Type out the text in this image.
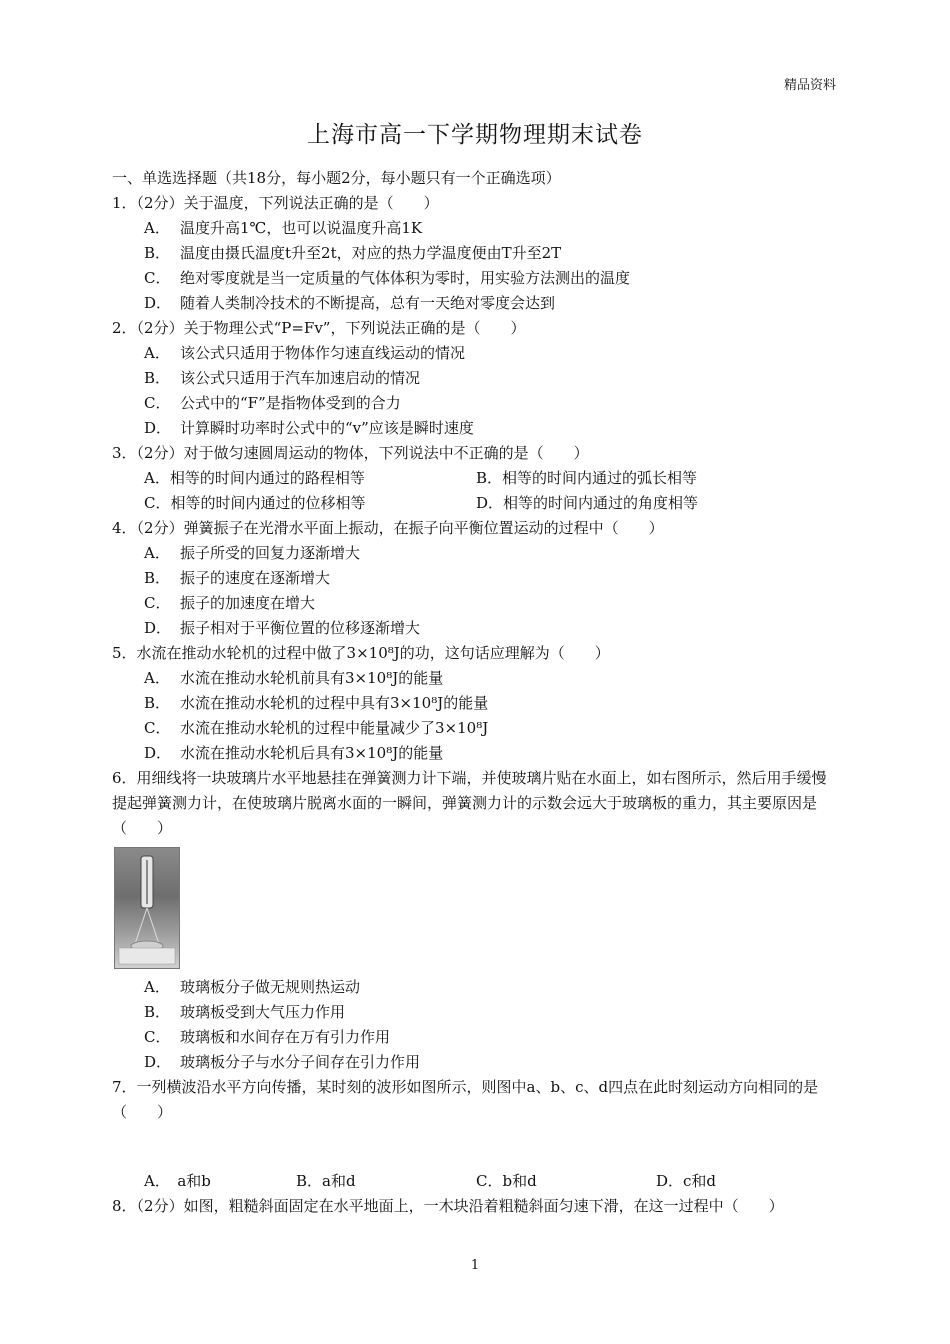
精品资料
上海市高一下学期物理期末试卷
一、单选选择题（共18分，每小题2分，每小题只有一个正确选项）
1．（2分）关于温度，下列说法正确的是（　　）
A． 温度升高1℃，也可以说温度升高1K
B． 温度由摄氏温度t升至2t，对应的热力学温度便由T升至2T
C． 绝对零度就是当一定质量的气体体积为零时，用实验方法测出的温度
D． 随着人类制冷技术的不断提高，总有一天绝对零度会达到
2．（2分）关于物理公式“P=Fv”，下列说法正确的是（　　）
A． 该公式只适用于物体作匀速直线运动的情况
B． 该公式只适用于汽车加速启动的情况
C． 公式中的“F”是指物体受到的合力
D． 计算瞬时功率时公式中的“v”应该是瞬时速度
3．（2分）对于做匀速圆周运动的物体，下列说法中不正确的是（　　）
A．相等的时间内通过的路程相等	B．相等的时间内通过的弧长相等
C．相等的时间内通过的位移相等	D．相等的时间内通过的角度相等
4．（2分）弹簧振子在光滑水平面上振动，在振子向平衡位置运动的过程中（　　）
A． 振子所受的回复力逐渐增大
B． 振子的速度在逐渐增大
C． 振子的加速度在增大
D． 振子相对于平衡位置的位移逐渐增大
5．水流在推动水轮机的过程中做了3×10⁸J的功，这句话应理解为（　　）
A． 水流在推动水轮机前具有3×10⁸J的能量
B． 水流在推动水轮机的过程中具有3×10⁸J的能量
C． 水流在推动水轮机的过程中能量减少了3×10⁸J
D． 水流在推动水轮机后具有3×10⁸J的能量
6．用细线将一块玻璃片水平地悬挂在弹簧测力计下端，并使玻璃片贴在水面上，如右图所示，然后用手缓慢提起弹簧测力计，在使玻璃片脱离水面的一瞬间，弹簧测力计的示数会远大于玻璃板的重力，其主要原因是（　　）
A． 玻璃板分子做无规则热运动
B． 玻璃板受到大气压力作用
C． 玻璃板和水间存在万有引力作用
D． 玻璃板分子与水分子间存在引力作用
7．一列横波沿水平方向传播，某时刻的波形如图所示，则图中a、b、c、d四点在此时刻运动方向相同的是（　　）
A．　a和b	B．a和d	C．b和d	D．c和d
8．（2分）如图，粗糙斜面固定在水平地面上，一木块沿着粗糙斜面匀速下滑，在这一过程中（　　）
1
